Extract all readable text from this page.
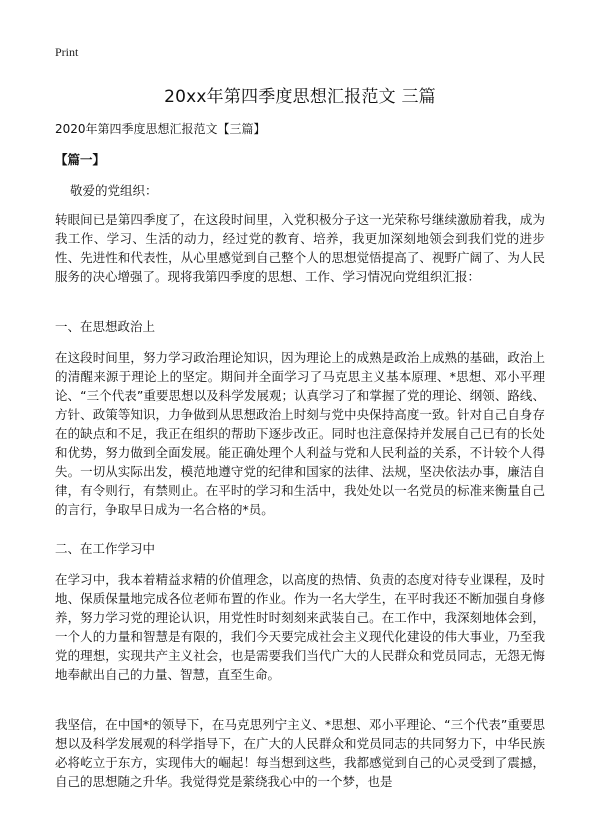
Print
20xx年第四季度思想汇报范文 三篇
2020年第四季度思想汇报范文【三篇】
【篇一】
敬爱的党组织：

转眼间已是第四季度了，在这段时间里，入党积极分子这一光荣称号继续激励着我，成为我工作、学习、生活的动力，经过党的教育、培养，我更加深刻地领会到我们党的进步性、先进性和代表性，从心里感觉到自己整个人的思想觉悟提高了、视野广阔了、为人民服务的决心增强了。现将我第四季度的思想、工作、学习情况向党组织汇报：

一、在思想政治上

在这段时间里，努力学习政治理论知识，因为理论上的成熟是政治上成熟的基础，政治上的清醒来源于理论上的坚定。期间并全面学习了马克思主义基本原理、*思想、邓小平理论、“三个代表”重要思想以及科学发展观；认真学习了和掌握了党的理论、纲领、路线、方针、政策等知识，力争做到从思想政治上时刻与党中央保持高度一致。针对自己自身存在的缺点和不足，我正在组织的帮助下逐步改正。同时也注意保持并发展自己已有的长处和优势，努力做到全面发展。能正确处理个人利益与党和人民利益的关系，不计较个人得失。一切从实际出发，模范地遵守党的纪律和国家的法律、法规，坚决依法办事，廉洁自律，有令则行，有禁则止。在平时的学习和生活中，我处处以一名党员的标准来衡量自己的言行，争取早日成为一名合格的*员。

二、在工作学习中

在学习中，我本着精益求精的价值理念，以高度的热情、负责的态度对待专业课程，及时地、保质保量地完成各位老师布置的作业。作为一名大学生，在平时我还不断加强自身修养，努力学习党的理论认识，用党性时时刻刻来武装自己。在工作中，我深刻地体会到，一个人的力量和智慧是有限的，我们今天要完成社会主义现代化建设的伟大事业，乃至我党的理想，实现共产主义社会，也是需要我们当代广大的人民群众和党员同志，无怨无悔地奉献出自己的力量、智慧，直至生命。

我坚信，在中国*的领导下，在马克思列宁主义、*思想、邓小平理论、“三个代表”重要思想以及科学发展观的科学指导下，在广大的人民群众和党员同志的共同努力下，中华民族必将屹立于东方，实现伟大的崛起！每当想到这些，我都感觉到自己的心灵受到了震撼，自己的思想随之升华。我觉得党是萦绕我心中的一个梦，也是
